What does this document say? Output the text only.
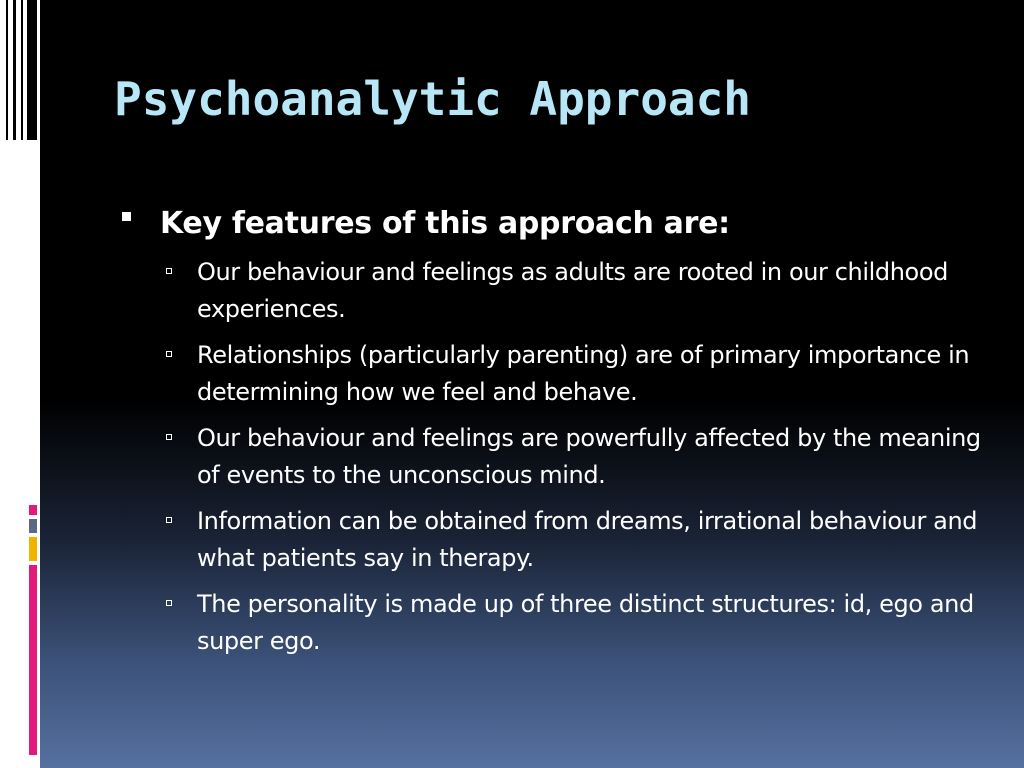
Psychoanalytic Approach
Key features of this approach are:
Our behaviour and feelings as adults are rooted in our childhood experiences.
Relationships (particularly parenting) are of primary importance in determining how we feel and behave.
Our behaviour and feelings are powerfully affected by the meaning of events to the unconscious mind.
Information can be obtained from dreams, irrational behaviour and what patients say in therapy.
The personality is made up of three distinct structures: id, ego and super ego.
